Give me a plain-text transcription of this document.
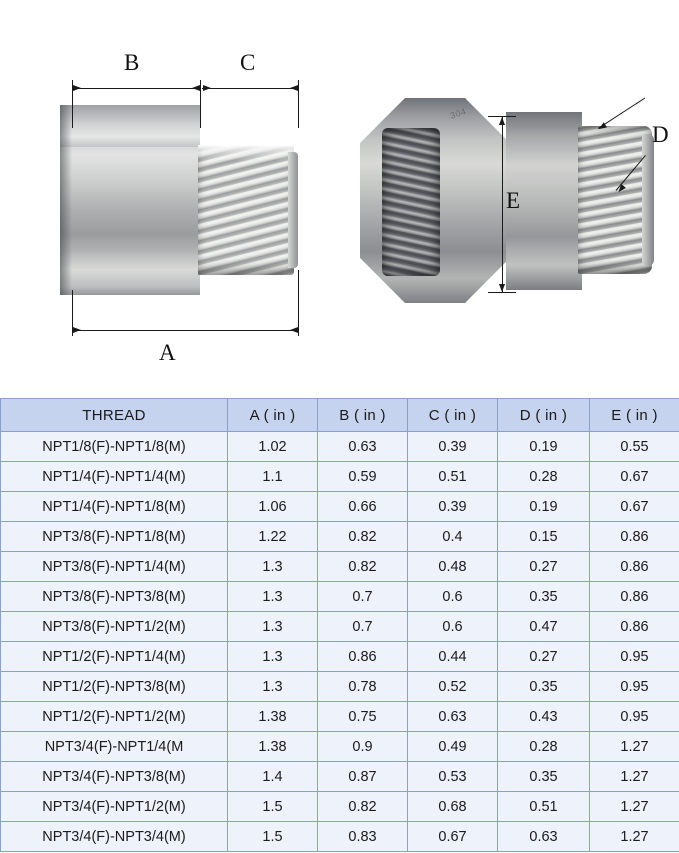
B	C
A
304
D
E
THREAD	A ( in )	B ( in )	C ( in )	D ( in )	E ( in )
NPT1/8(F)-NPT1/8(M)	1.02	0.63	0.39	0.19	0.55
NPT1/4(F)-NPT1/4(M)	1.1	0.59	0.51	0.28	0.67
NPT1/4(F)-NPT1/8(M)	1.06	0.66	0.39	0.19	0.67
NPT3/8(F)-NPT1/8(M)	1.22	0.82	0.4	0.15	0.86
NPT3/8(F)-NPT1/4(M)	1.3	0.82	0.48	0.27	0.86
NPT3/8(F)-NPT3/8(M)	1.3	0.7	0.6	0.35	0.86
NPT3/8(F)-NPT1/2(M)	1.3	0.7	0.6	0.47	0.86
NPT1/2(F)-NPT1/4(M)	1.3	0.86	0.44	0.27	0.95
NPT1/2(F)-NPT3/8(M)	1.3	0.78	0.52	0.35	0.95
NPT1/2(F)-NPT1/2(M)	1.38	0.75	0.63	0.43	0.95
NPT3/4(F)-NPT1/4(M	1.38	0.9	0.49	0.28	1.27
NPT3/4(F)-NPT3/8(M)	1.4	0.87	0.53	0.35	1.27
NPT3/4(F)-NPT1/2(M)	1.5	0.82	0.68	0.51	1.27
NPT3/4(F)-NPT3/4(M)	1.5	0.83	0.67	0.63	1.27
